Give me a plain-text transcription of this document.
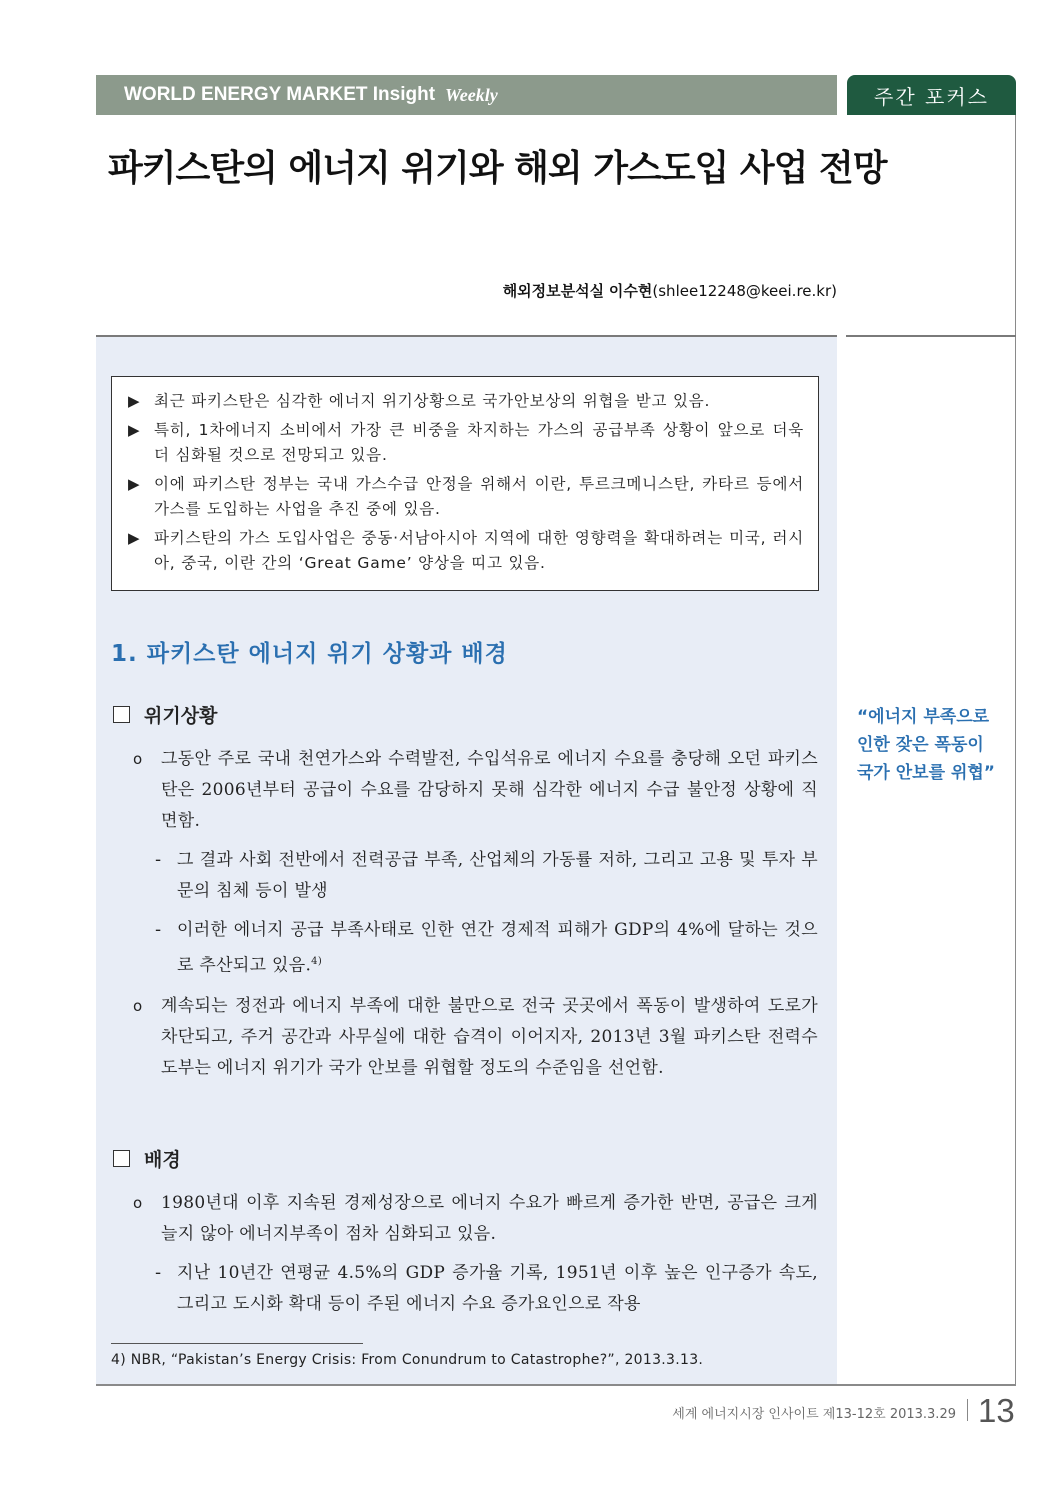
WORLD ENERGY MARKET Insight Weekly	주간 포커스
파키스탄의 에너지 위기와 해외 가스도입 사업 전망
해외정보분석실 이수현(shlee12248@keei.re.kr)
▶ 최근 파키스탄은 심각한 에너지 위기상황으로 국가안보상의 위협을 받고 있음.
▶ 특히, 1차에너지 소비에서 가장 큰 비중을 차지하는 가스의 공급부족 상황이 앞으로 더욱 더 심화될 것으로 전망되고 있음.
▶ 이에 파키스탄 정부는 국내 가스수급 안정을 위해서 이란, 투르크메니스탄, 카타르 등에서 가스를 도입하는 사업을 추진 중에 있음.
▶ 파키스탄의 가스 도입사업은 중동·서남아시아 지역에 대한 영향력을 확대하려는 미국, 러시아, 중국, 이란 간의 ‘Great Game’ 양상을 띠고 있음.
1. 파키스탄 에너지 위기 상황과 배경
위기상황
o	그동안 주로 국내 천연가스와 수력발전, 수입석유로 에너지 수요를 충당해 오던 파키스탄은 2006년부터 공급이 수요를 감당하지 못해 심각한 에너지 수급 불안정 상황에 직면함.
- 그 결과 사회 전반에서 전력공급 부족, 산업체의 가동률 저하, 그리고 고용 및 투자 부문의 침체 등이 발생
- 이러한 에너지 공급 부족사태로 인한 연간 경제적 피해가 GDP의 4%에 달하는 것으로 추산되고 있음.$^{4)}$
o	계속되는 정전과 에너지 부족에 대한 불만으로 전국 곳곳에서 폭동이 발생하여 도로가 차단되고, 주거 공간과 사무실에 대한 습격이 이어지자, 2013년 3월 파키스탄 전력수도부는 에너지 위기가 국가 안보를 위협할 정도의 수준임을 선언함.
배경
o	1980년대 이후 지속된 경제성장으로 에너지 수요가 빠르게 증가한 반면, 공급은 크게 늘지 않아 에너지부족이 점차 심화되고 있음.
- 지난 10년간 연평균 4.5%의 GDP 증가율 기록, 1951년 이후 높은 인구증가 속도, 그리고 도시화 확대 등이 주된 에너지 수요 증가요인으로 작용
4) NBR, “Pakistan’s Energy Crisis: From Conundrum to Catastrophe?”, 2013.3.13.
“에너지 부족으로
인한 잦은 폭동이
국가 안보를 위협”
세계 에너지시장 인사이트 제13-12호 2013.3.29 13
